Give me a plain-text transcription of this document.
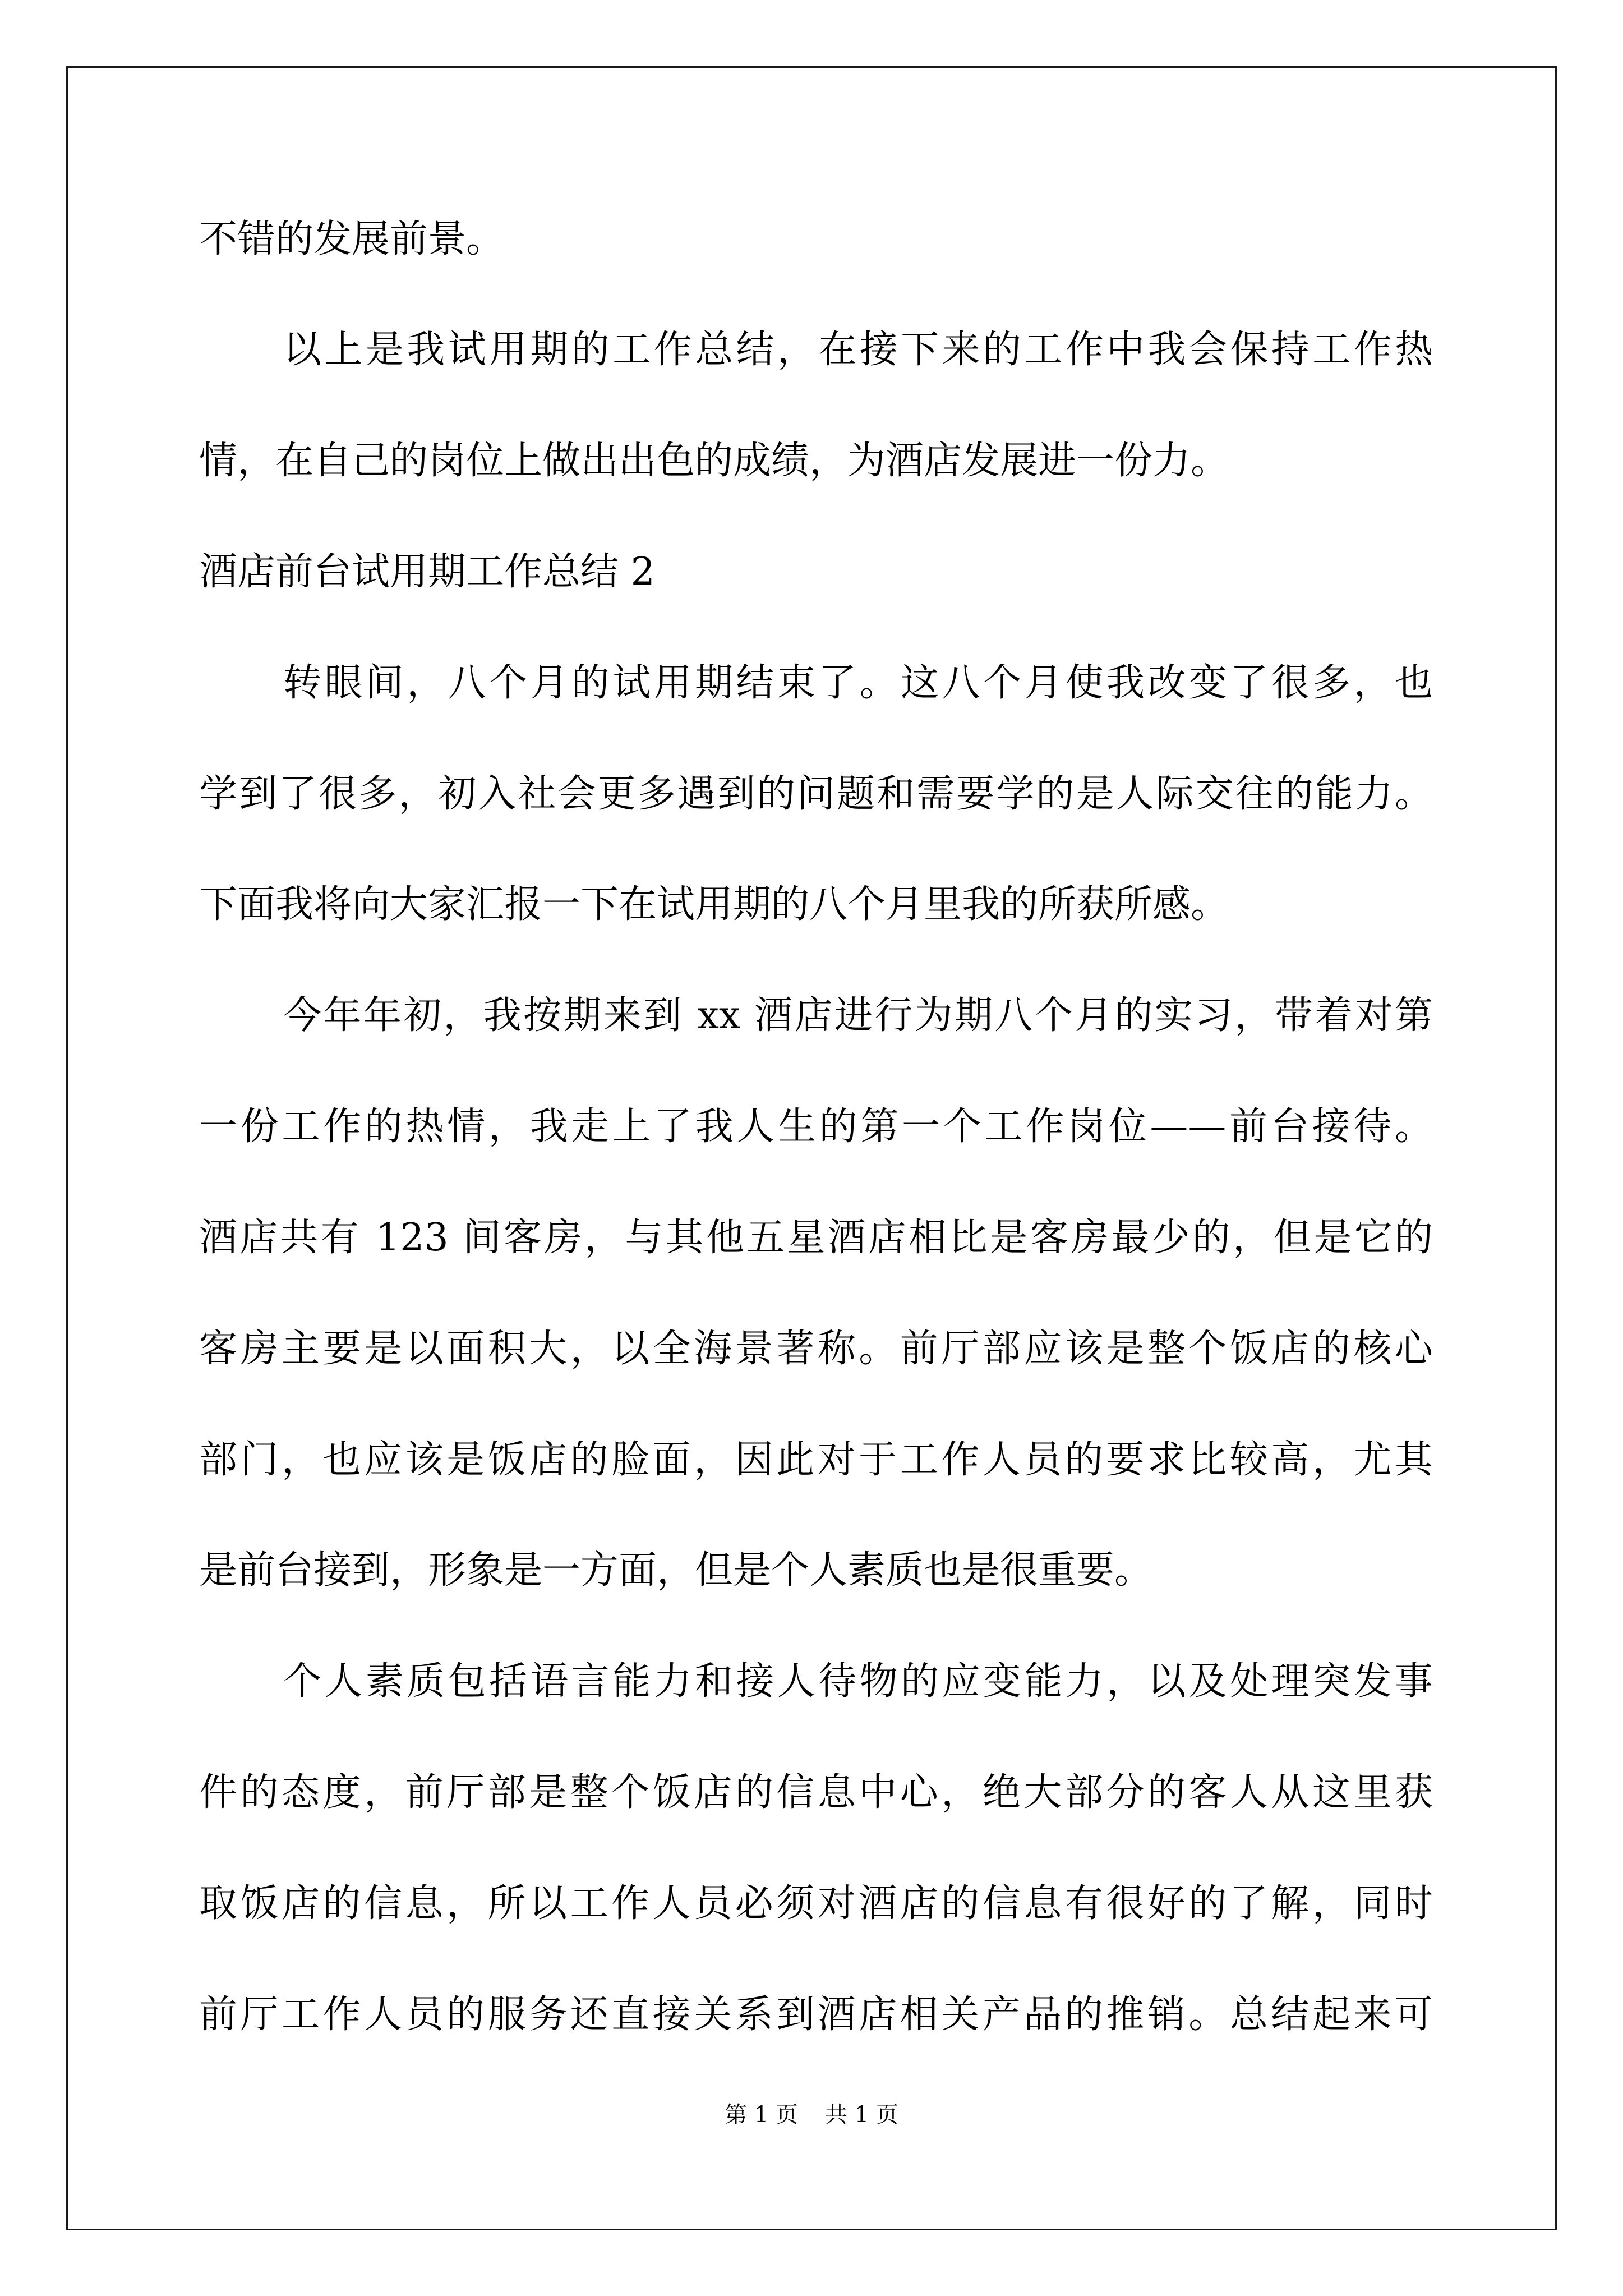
不错的发展前景。
以上是我试用期的工作总结，在接下来的工作中我会保持工作热
情，在自己的岗位上做出出色的成绩，为酒店发展进一份力。
酒店前台试用期工作总结 2
转眼间，八个月的试用期结束了。这八个月使我改变了很多，也
学到了很多，初入社会更多遇到的问题和需要学的是人际交往的能力。
下面我将向大家汇报一下在试用期的八个月里我的所获所感。
今年年初，我按期来到 xx 酒店进行为期八个月的实习，带着对第
一份工作的热情，我走上了我人生的第一个工作岗位——前台接待。
酒店共有 123 间客房，与其他五星酒店相比是客房最少的，但是它的
客房主要是以面积大，以全海景著称。前厅部应该是整个饭店的核心
部门，也应该是饭店的脸面，因此对于工作人员的要求比较高，尤其
是前台接到，形象是一方面，但是个人素质也是很重要。
个人素质包括语言能力和接人待物的应变能力，以及处理突发事
件的态度，前厅部是整个饭店的信息中心，绝大部分的客人从这里获
取饭店的信息，所以工作人员必须对酒店的信息有很好的了解，同时
前厅工作人员的服务还直接关系到酒店相关产品的推销。总结起来可
第 1 页 共 1 页
